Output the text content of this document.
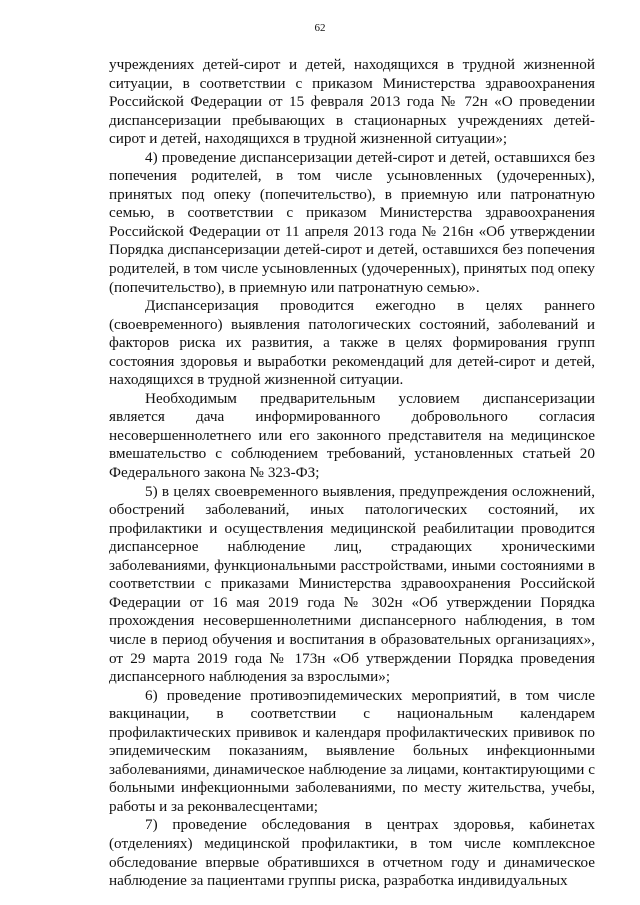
62

учреждениях детей-сирот и детей, находящихся в трудной жизненной ситуации, в соответствии с приказом Министерства здравоохранения Российской Федерации от 15 февраля 2013 года № 72н «О проведении диспансеризации пребывающих в стационарных учреждениях детей-сирот и детей, находящихся в трудной жизненной ситуации»;

4) проведение диспансеризации детей-сирот и детей, оставшихся без попечения родителей, в том числе усыновленных (удочеренных), принятых под опеку (попечительство), в приемную или патронатную семью, в соответствии с приказом Министерства здравоохранения Российской Федерации от 11 апреля 2013 года № 216н «Об утверждении Порядка диспансеризации детей-сирот и детей, оставшихся без попечения родителей, в том числе усыновленных (удочеренных), принятых под опеку (попечительство), в приемную или патронатную семью».

Диспансеризация проводится ежегодно в целях раннего (своевременного) выявления патологических состояний, заболеваний и факторов риска их развития, а также в целях формирования групп состояния здоровья и выработки рекомендаций для детей-сирот и детей, находящихся в трудной жизненной ситуации.

Необходимым предварительным условием диспансеризации является дача информированного добровольного согласия несовершеннолетнего или его законного представителя на медицинское вмешательство с соблюдением требований, установленных статьей 20 Федерального закона № 323-ФЗ;

5) в целях своевременного выявления, предупреждения осложнений, обострений заболеваний, иных патологических состояний, их профилактики и осуществления медицинской реабилитации проводится диспансерное наблюдение лиц, страдающих хроническими заболеваниями, функциональными расстройствами, иными состояниями в соответствии с приказами Министерства здравоохранения Российской Федерации от 16 мая 2019 года № 302н «Об утверждении Порядка прохождения несовершеннолетними диспансерного наблюдения, в том числе в период обучения и воспитания в образовательных организациях», от 29 марта 2019 года № 173н «Об утверждении Порядка проведения диспансерного наблюдения за взрослыми»;

6) проведение противоэпидемических мероприятий, в том числе вакцинации, в соответствии с национальным календарем профилактических прививок и календаря профилактических прививок по эпидемическим показаниям, выявление больных инфекционными заболеваниями, динамическое наблюдение за лицами, контактирующими с больными инфекционными заболеваниями, по месту жительства, учебы, работы и за реконвалесцентами;

7) проведение обследования в центрах здоровья, кабинетах (отделениях) медицинской профилактики, в том числе комплексное обследование впервые обратившихся в отчетном году и динамическое наблюдение за пациентами группы риска, разработка индивидуальных
